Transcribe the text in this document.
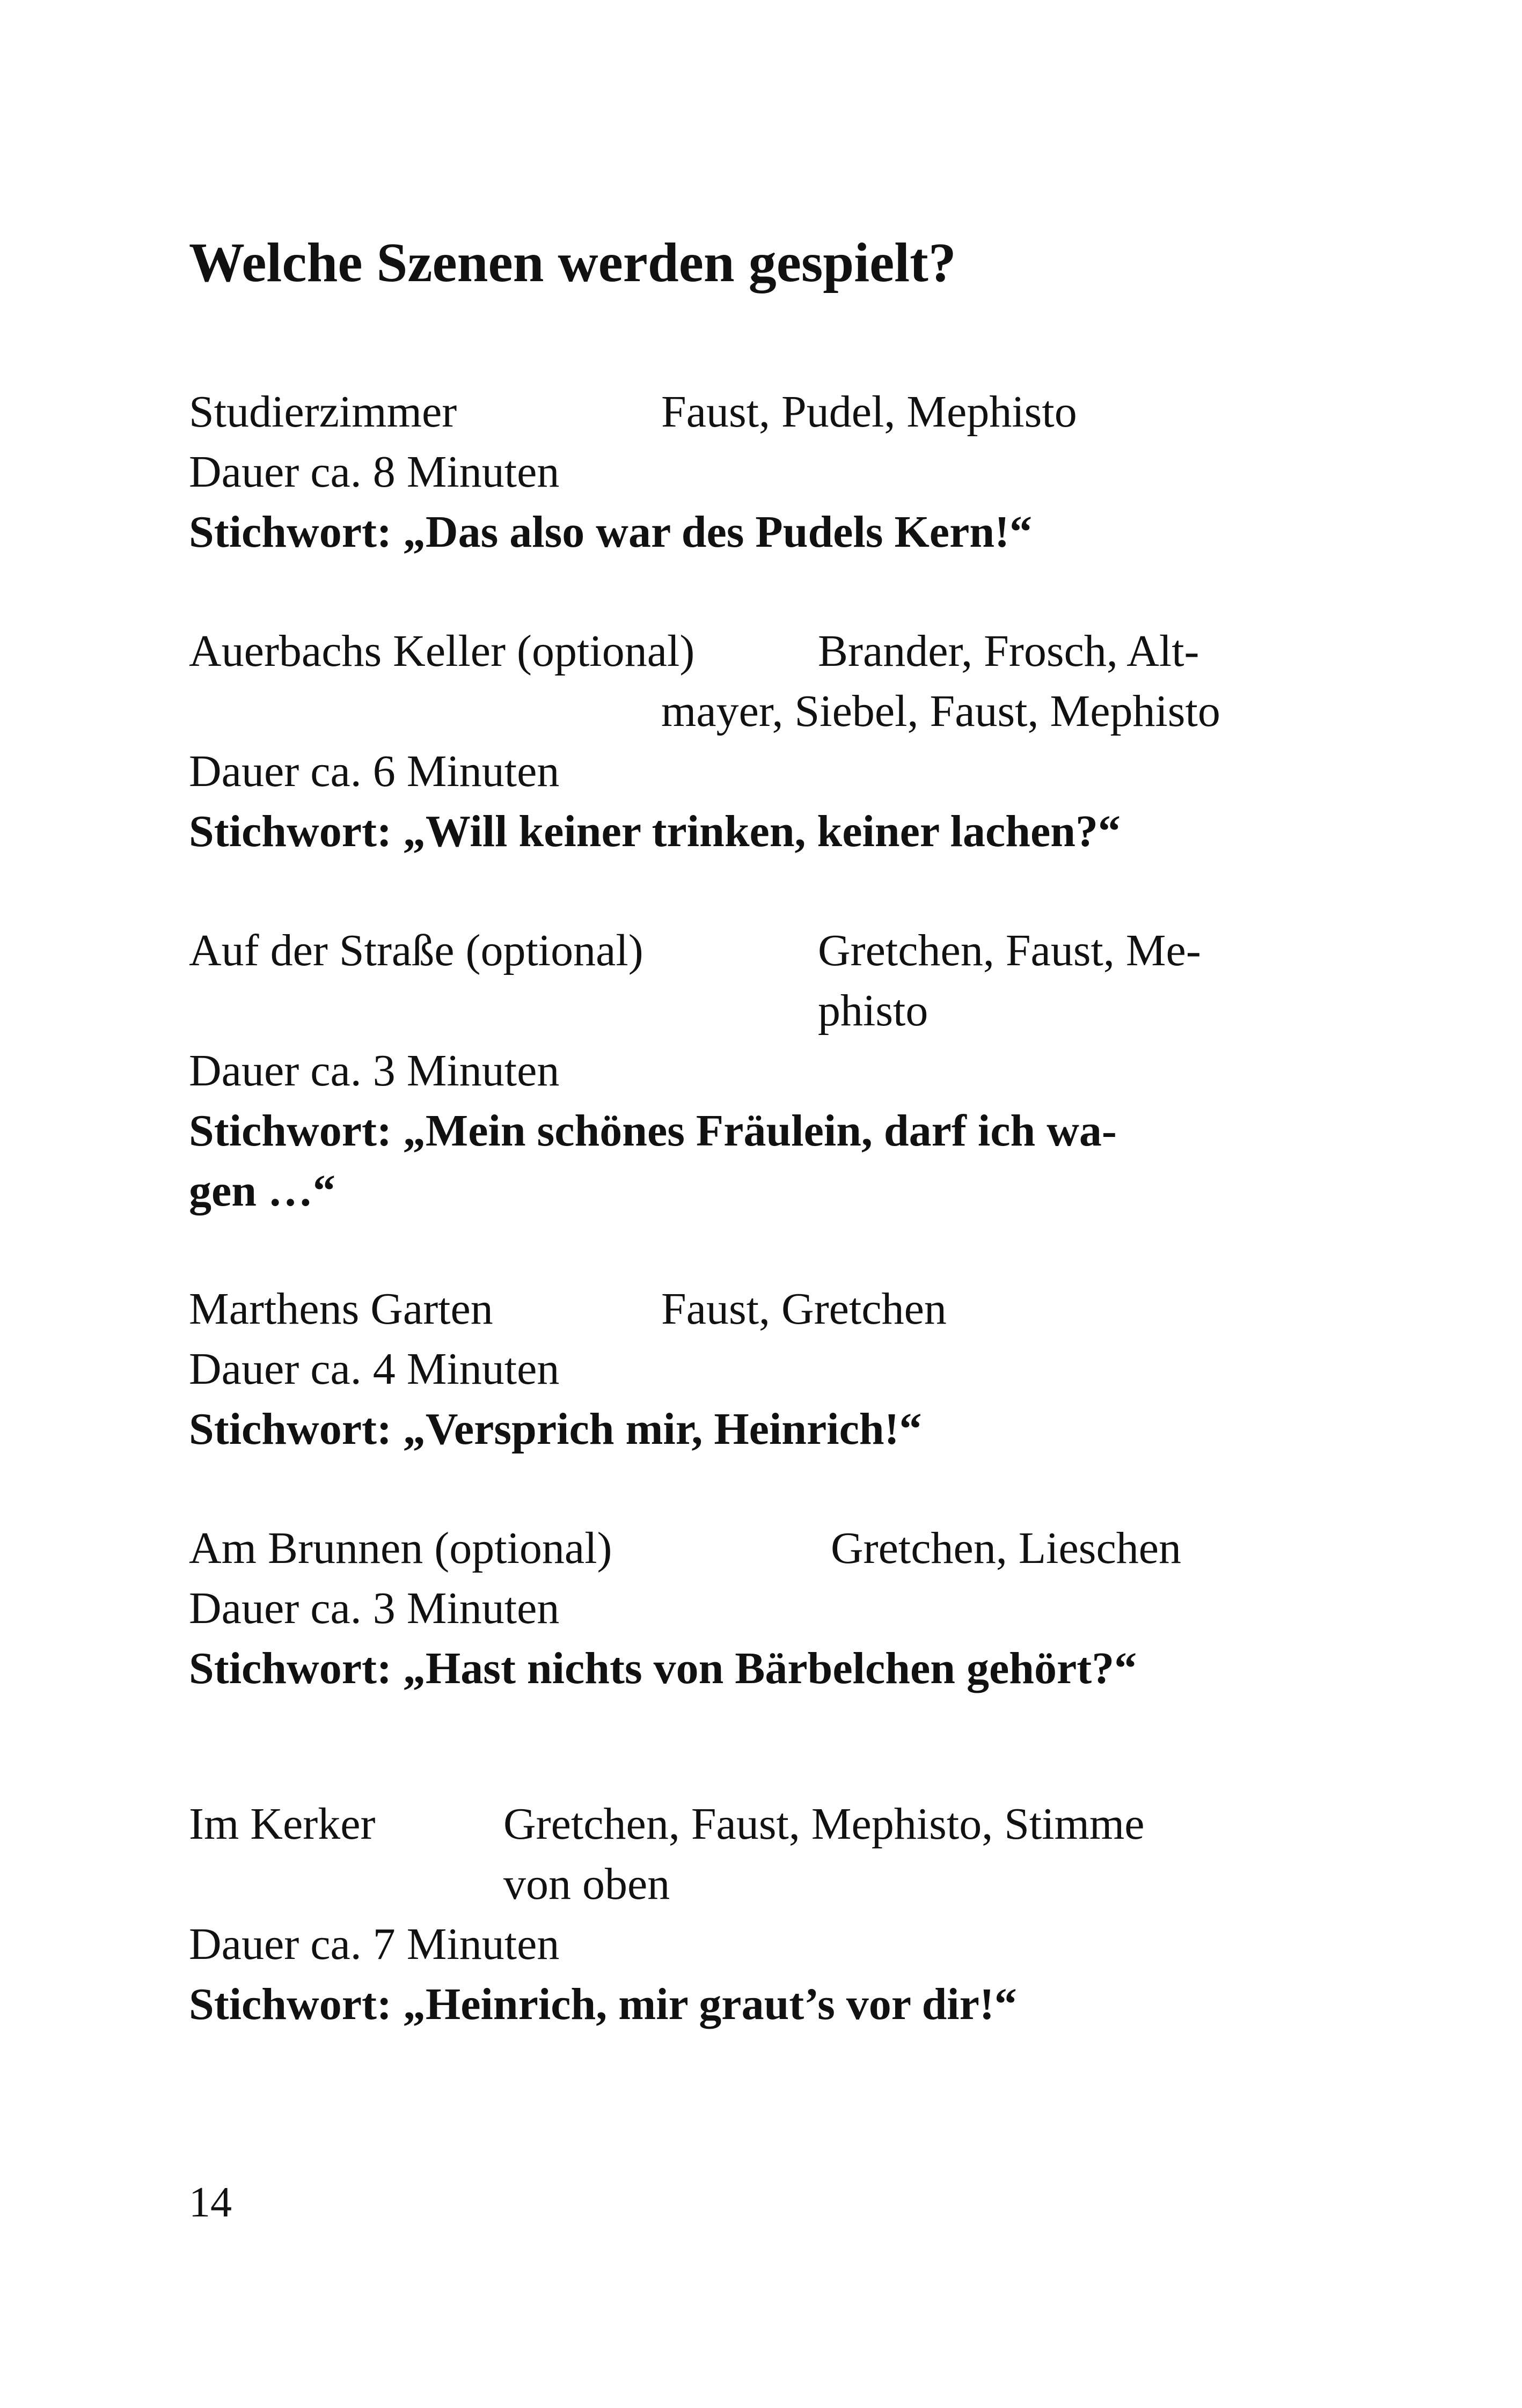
Welche Szenen werden gespielt?
Studierzimmer	Faust, Pudel, Mephisto
Dauer ca. 8 Minuten
Stichwort: „Das also war des Pudels Kern!“
Auerbachs Keller (optional)	Brander, Frosch, Alt-
mayer, Siebel, Faust, Mephisto
Dauer ca. 6 Minuten
Stichwort: „Will keiner trinken, keiner lachen?“
Auf der Straße (optional)	Gretchen, Faust, Me-
phisto
Dauer ca. 3 Minuten
Stichwort: „Mein schönes Fräulein, darf ich wa-
gen …“
Marthens Garten	Faust, Gretchen
Dauer ca. 4 Minuten
Stichwort: „Versprich mir, Heinrich!“
Am Brunnen (optional)	Gretchen, Lieschen
Dauer ca. 3 Minuten
Stichwort: „Hast nichts von Bärbelchen gehört?“
Im Kerker	Gretchen, Faust, Mephisto, Stimme
von oben
Dauer ca. 7 Minuten
Stichwort: „Heinrich, mir graut’s vor dir!“
14
